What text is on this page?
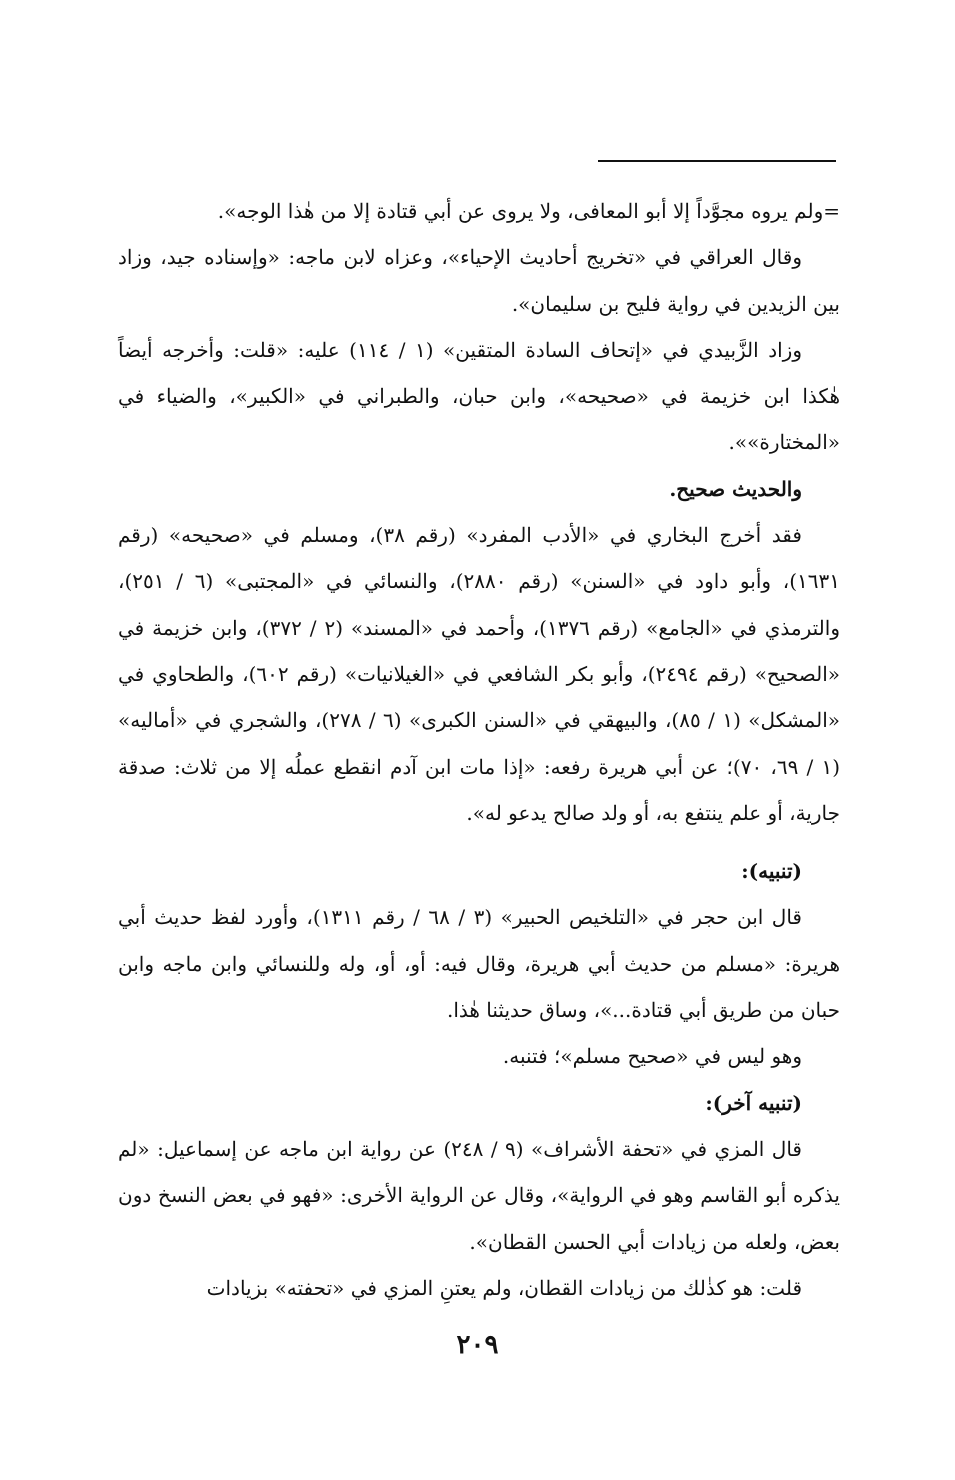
=ولم يروه مجوَّداً إلا أبو المعافى، ولا يروى عن أبي قتادة إلا من هٰذا الوجه».

وقال العراقي في «تخريج أحاديث الإحياء»، وعزاه لابن ماجه: «وإسناده جيد، وزاد بين الزيدين في رواية فليح بن سليمان».

وزاد الزَّبيدي في «إتحاف السادة المتقين» (١ / ١١٤) عليه: «قلت: وأخرجه أيضاً هٰكذا ابن خزيمة في «صحيحه»، وابن حبان، والطبراني في «الكبير»، والضياء في «المختارة»».

والحديث صحيح.

فقد أخرج البخاري في «الأدب المفرد» (رقم ٣٨)، ومسلم في «صحيحه» (رقم ١٦٣١)، وأبو داود في «السنن» (رقم ٢٨٨٠)، والنسائي في «المجتبى» (٦ / ٢٥١)، والترمذي في «الجامع» (رقم ١٣٧٦)، وأحمد في «المسند» (٢ / ٣٧٢)، وابن خزيمة في «الصحيح» (رقم ٢٤٩٤)، وأبو بكر الشافعي في «الغيلانيات» (رقم ٦٠٢)، والطحاوي في «المشكل» (١ / ٨٥)، والبيهقي في «السنن الكبرى» (٦ / ٢٧٨)، والشجري في «أماليه» (١ / ٦٩، ٧٠)؛ عن أبي هريرة رفعه: «إذا مات ابن آدم انقطع عملُه إلا من ثلاث: صدقة جارية، أو علم ينتفع به، أو ولد صالح يدعو له».

(تنبيه):

قال ابن حجر في «التلخيص الحبير» (٣ / ٦٨ / رقم ١٣١١)، وأورد لفظ حديث أبي هريرة: «مسلم من حديث أبي هريرة، وقال فيه: أو، أو، وله وللنسائي وابن ماجه وابن حبان من طريق أبي قتادة...»، وساق حديثنا هٰذا.

وهو ليس في «صحيح مسلم»؛ فتنبه.

(تنبيه آخر):

قال المزي في «تحفة الأشراف» (٩ / ٢٤٨) عن رواية ابن ماجه عن إسماعيل: «لم يذكره أبو القاسم وهو في الرواية»، وقال عن الرواية الأخرى: «فهو في بعض النسخ دون بعض، ولعله من زيادات أبي الحسن القطان».

قلت: هو كذٰلك من زيادات القطان، ولم يعتنِ المزي في «تحفته» بزيادات

٢٠٩
